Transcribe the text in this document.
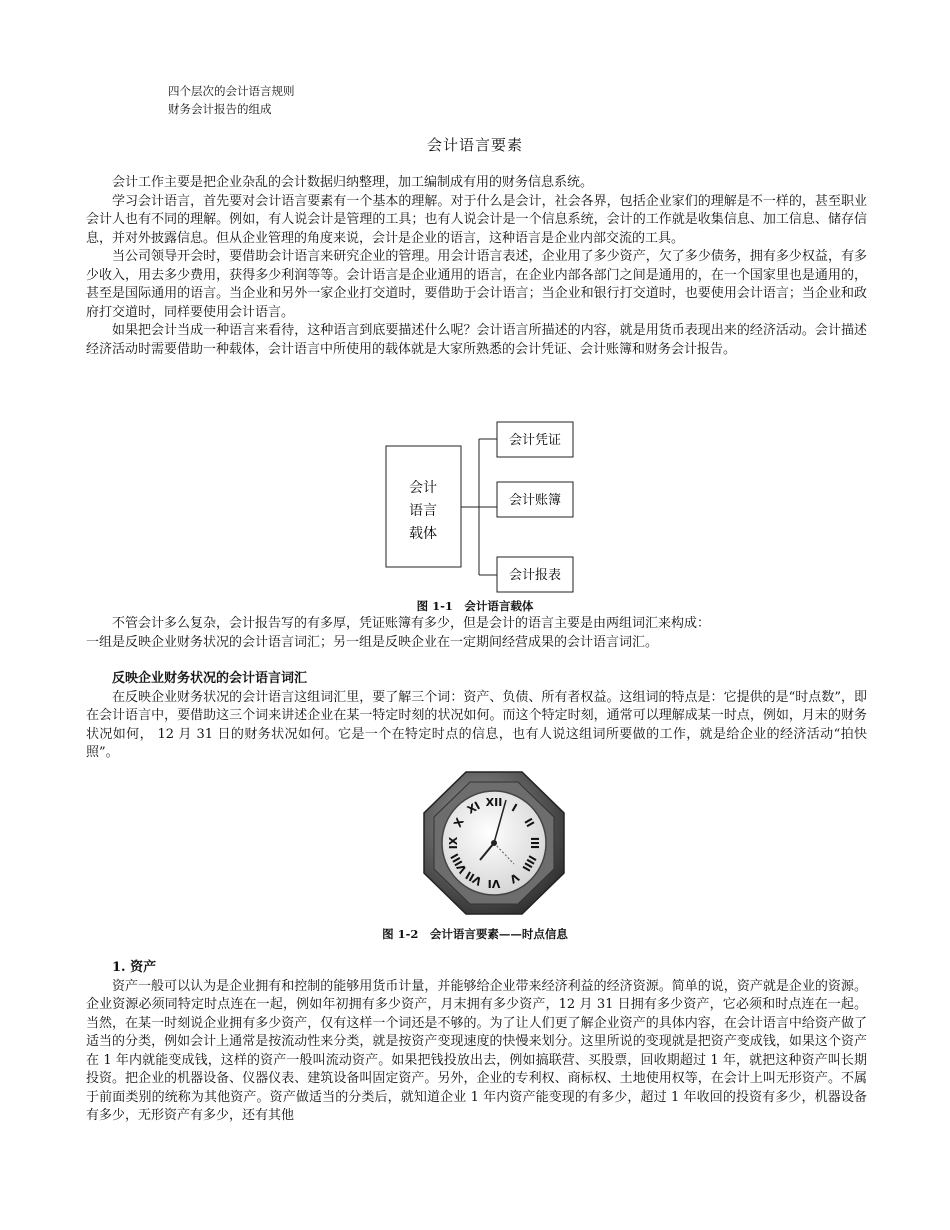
四个层次的会计语言规则
财务会计报告的组成
会计语言要素

会计工作主要是把企业杂乱的会计数据归纳整理，加工编制成有用的财务信息系统。

学习会计语言，首先要对会计语言要素有一个基本的理解。对于什么是会计，社会各界，包括企业家们的理解是不一样的，甚至职业会计人也有不同的理解。例如，有人说会计是管理的工具；也有人说会计是一个信息系统，会计的工作就是收集信息、加工信息、储存信息，并对外披露信息。但从企业管理的角度来说，会计是企业的语言，这种语言是企业内部交流的工具。

当公司领导开会时，要借助会计语言来研究企业的管理。用会计语言表述，企业用了多少资产，欠了多少债务，拥有多少权益，有多少收入，用去多少费用，获得多少利润等等。会计语言是企业通用的语言，在企业内部各部门之间是通用的，在一个国家里也是通用的，甚至是国际通用的语言。当企业和另外一家企业打交道时，要借助于会计语言；当企业和银行打交道时，也要使用会计语言；当企业和政府打交道时，同样要使用会计语言。

如果把会计当成一种语言来看待，这种语言到底要描述什么呢？会计语言所描述的内容，就是用货币表现出来的经济活动。会计描述经济活动时需要借助一种载体，会计语言中所使用的载体就是大家所熟悉的会计凭证、会计账簿和财务会计报告。

会计
语言
载体
会计凭证
会计账簿
会计报表
图 1-1　会计语言载体

不管会计多么复杂，会计报告写的有多厚，凭证账簿有多少，但是会计的语言主要是由两组词汇来构成：

一组是反映企业财务状况的会计语言词汇；另一组是反映企业在一定期间经营成果的会计语言词汇。

反映企业财务状况的会计语言词汇

在反映企业财务状况的会计语言这组词汇里，要了解三个词：资产、负债、所有者权益。这组词的特点是：它提供的是“时点数”，即在会计语言中，要借助这三个词来讲述企业在某一特定时刻的状况如何。而这个特定时刻，通常可以理解成某一时点，例如，月末的财务状况如何， 12 月 31 日的财务状况如何。它是一个在特定时点的信息，也有人说这组词所要做的工作，就是给企业的经济活动“拍快照”。

XII I
II
III
IIII
V
VI
VII
VIII
IX
X
XI
图 1-2　会计语言要素——时点信息

1. 资产

资产一般可以认为是企业拥有和控制的能够用货币计量，并能够给企业带来经济利益的经济资源。简单的说，资产就是企业的资源。企业资源必须同特定时点连在一起，例如年初拥有多少资产，月末拥有多少资产，12 月 31 日拥有多少资产，它必须和时点连在一起。当然，在某一时刻说企业拥有多少资产，仅有这样一个词还是不够的。为了让人们更了解企业资产的具体内容，在会计语言中给资产做了适当的分类，例如会计上通常是按流动性来分类，就是按资产变现速度的快慢来划分。这里所说的变现就是把资产变成钱，如果这个资产在 1 年内就能变成钱，这样的资产一般叫流动资产。如果把钱投放出去，例如搞联营、买股票，回收期超过 1 年，就把这种资产叫长期投资。把企业的机器设备、仪器仪表、建筑设备叫固定资产。另外，企业的专利权、商标权、土地使用权等，在会计上叫无形资产。不属于前面类别的统称为其他资产。资产做适当的分类后，就知道企业 1 年内资产能变现的有多少，超过 1 年收回的投资有多少，机器设备有多少，无形资产有多少，还有其他
